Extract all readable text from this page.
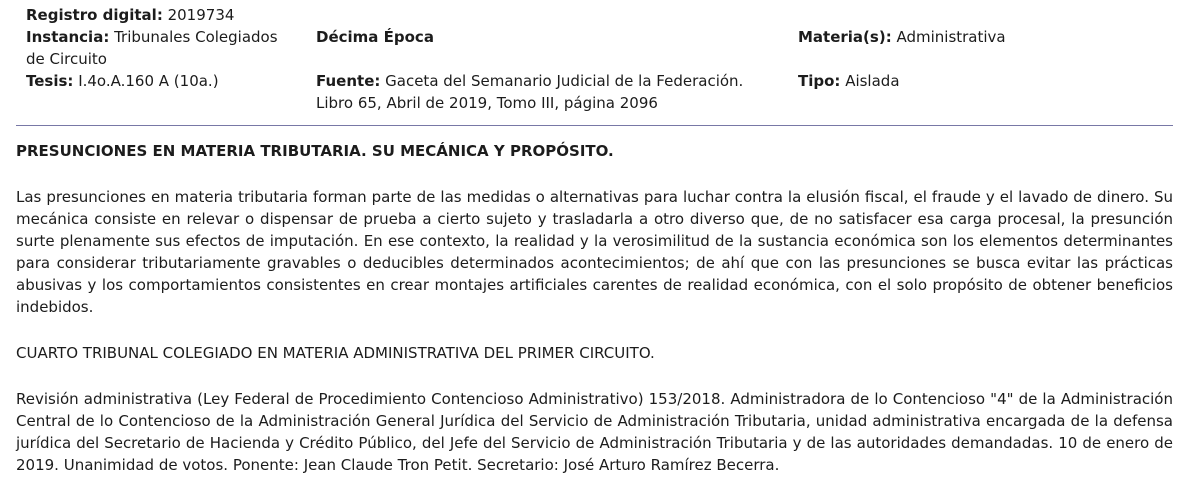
Registro digital: 2019734
Instancia: Tribunales Colegiados de Circuito
Décima Época	Materia(s): Administrativa
Tesis: I.4o.A.160 A (10a.)	Fuente: Gaceta del Semanario Judicial de la Federación.
Libro 65, Abril de 2019, Tomo III, página 2096
Tipo: Aislada

PRESUNCIONES EN MATERIA TRIBUTARIA. SU MECÁNICA Y PROPÓSITO.

Las presunciones en materia tributaria forman parte de las medidas o alternativas para luchar contra la elusión fiscal, el fraude y el lavado de dinero. Su mecánica consiste en relevar o dispensar de prueba a cierto sujeto y trasladarla a otro diverso que, de no satisfacer esa carga procesal, la presunción surte plenamente sus efectos de imputación. En ese contexto, la realidad y la verosimilitud de la sustancia económica son los elementos determinantes para considerar tributariamente gravables o deducibles determinados acontecimientos; de ahí que con las presunciones se busca evitar las prácticas abusivas y los comportamientos consistentes en crear montajes artificiales carentes de realidad económica, con el solo propósito de obtener beneficios indebidos.

CUARTO TRIBUNAL COLEGIADO EN MATERIA ADMINISTRATIVA DEL PRIMER CIRCUITO.

Revisión administrativa (Ley Federal de Procedimiento Contencioso Administrativo) 153/2018. Administradora de lo Contencioso "4" de la Administración Central de lo Contencioso de la Administración General Jurídica del Servicio de Administración Tributaria, unidad administrativa encargada de la defensa jurídica del Secretario de Hacienda y Crédito Público, del Jefe del Servicio de Administración Tributaria y de las autoridades demandadas. 10 de enero de 2019. Unanimidad de votos. Ponente: Jean Claude Tron Petit. Secretario: José Arturo Ramírez Becerra.
